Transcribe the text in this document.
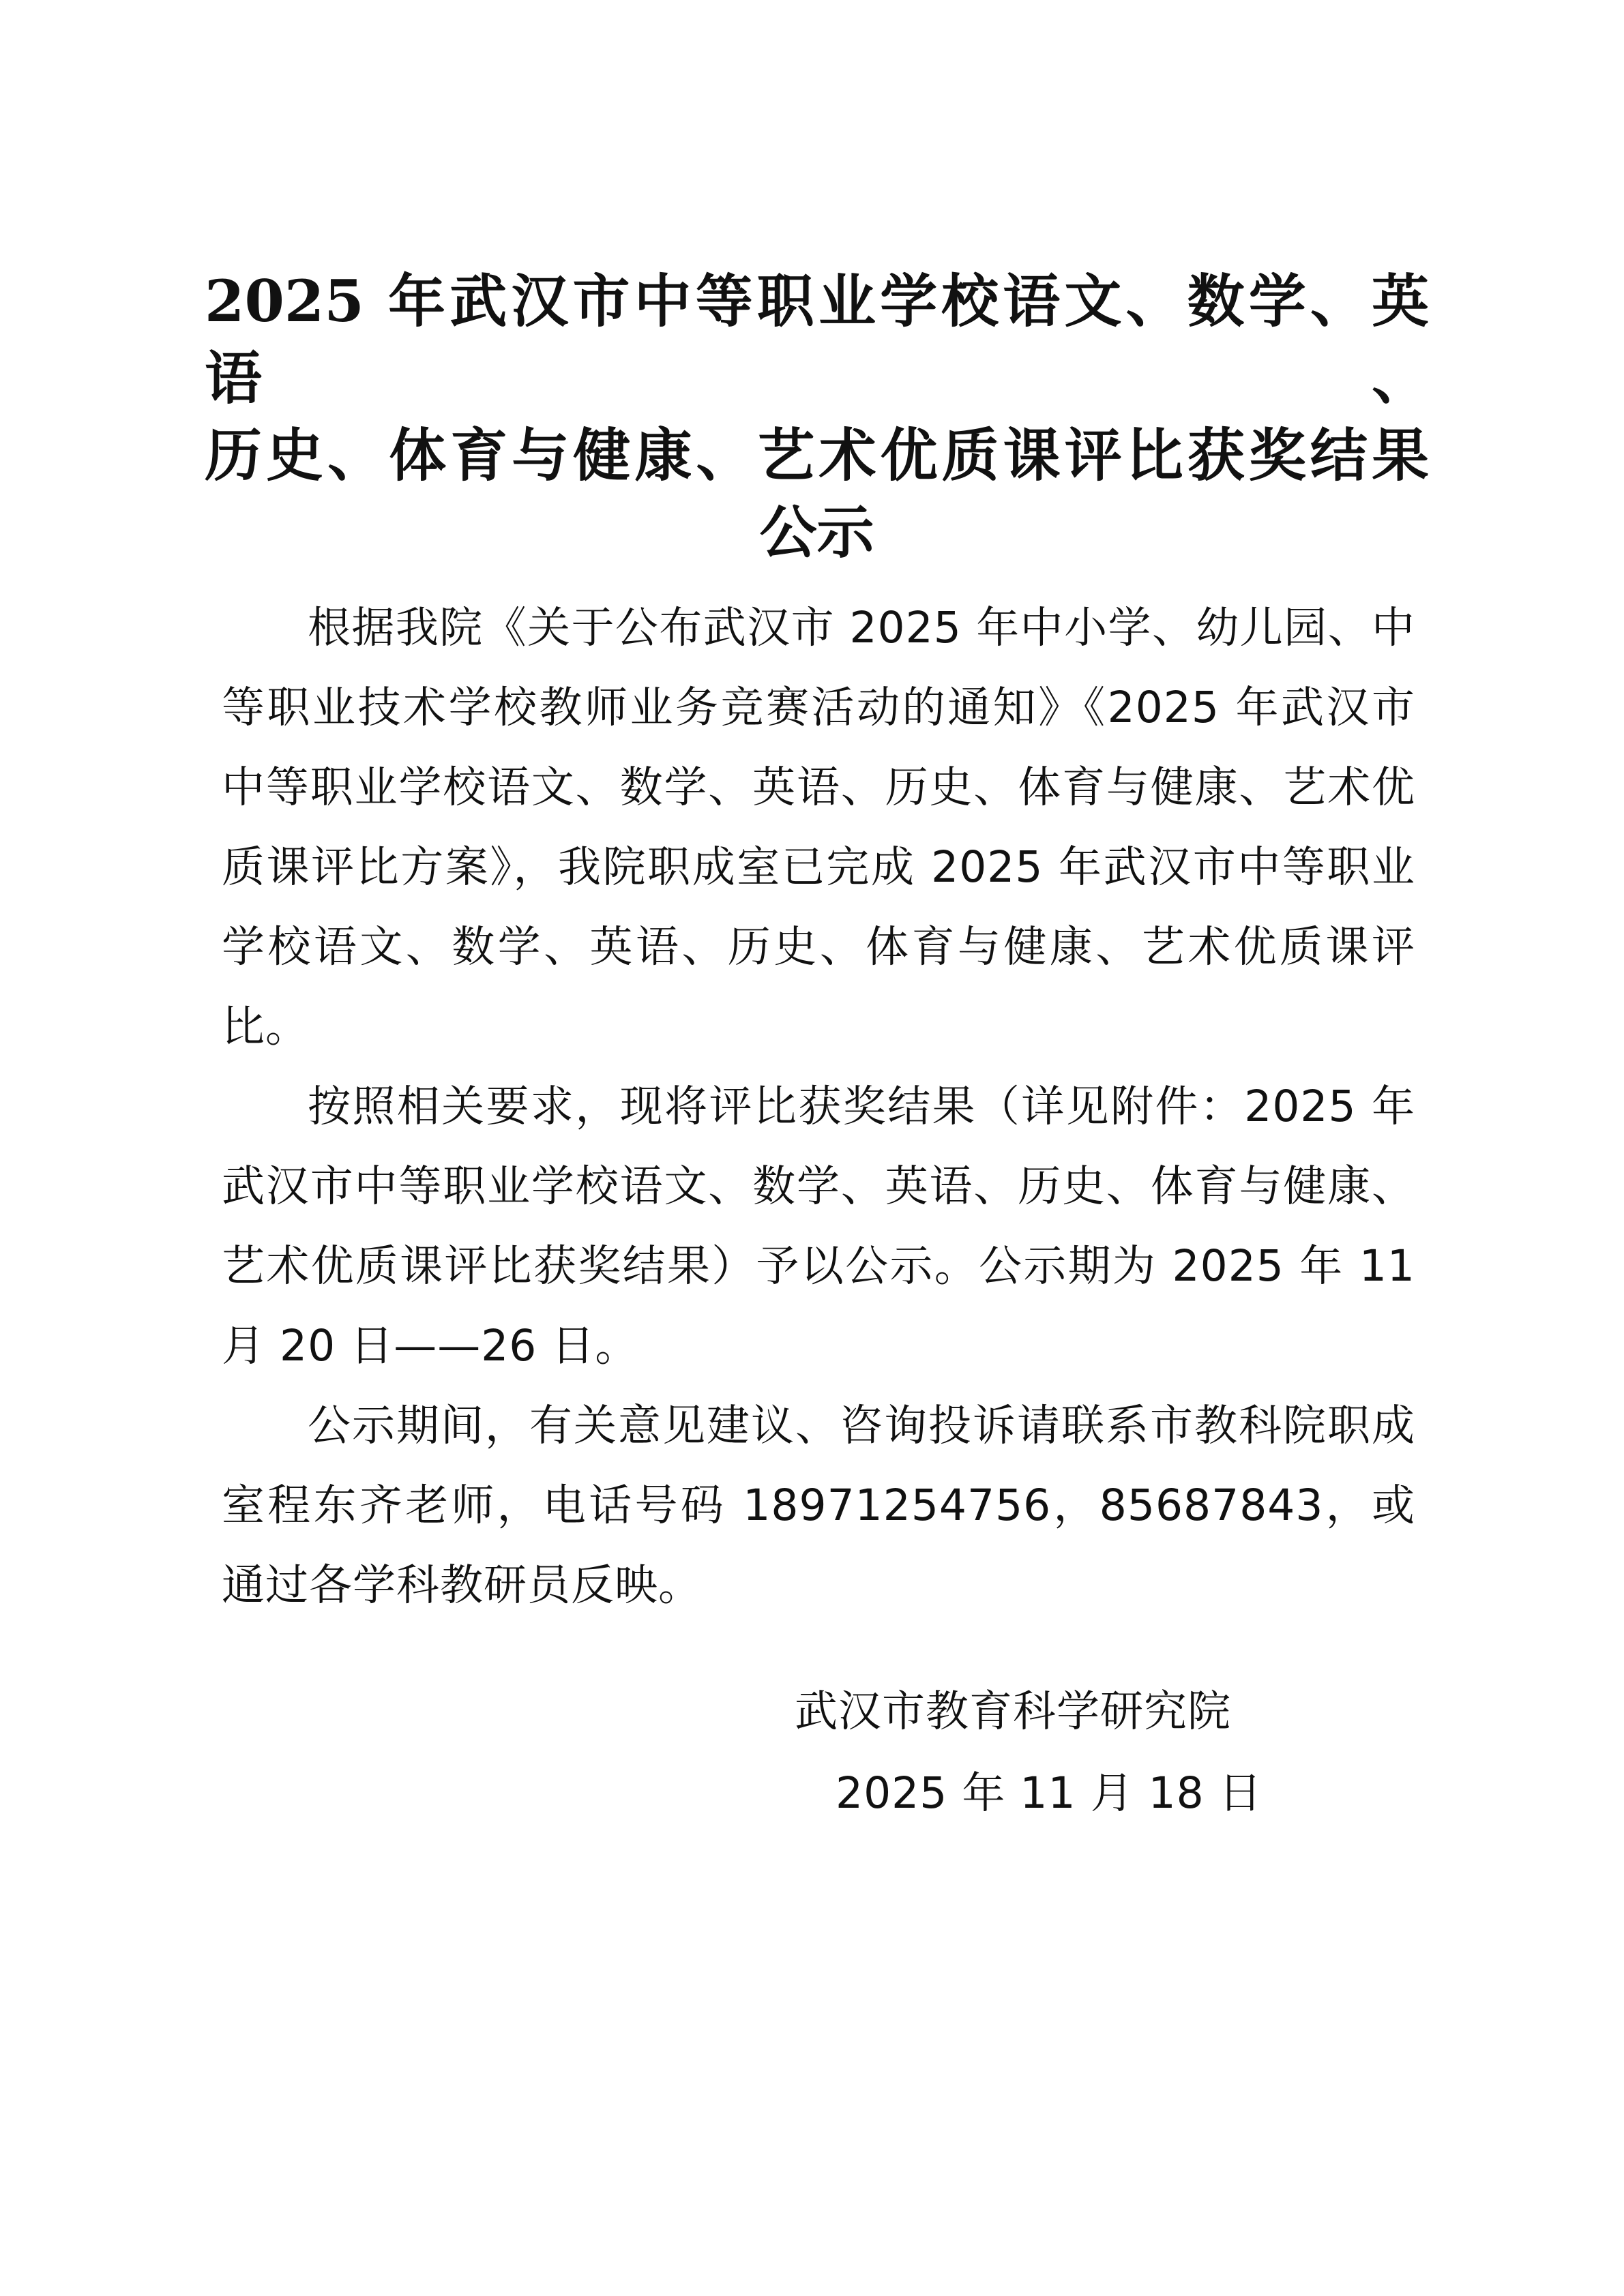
2025 年武汉市中等职业学校语文、数学、英语、
历史、体育与健康、艺术优质课评比获奖结果
公示

根据我院《关于公布武汉市 2025 年中小学、幼儿园、中等职业技术学校教师业务竞赛活动的通知》《2025 年武汉市中等职业学校语文、数学、英语、历史、体育与健康、艺术优质课评比方案》，我院职成室已完成 2025 年武汉市中等职业学校语文、数学、英语、历史、体育与健康、艺术优质课评比。

按照相关要求，现将评比获奖结果（详见附件：2025 年武汉市中等职业学校语文、数学、英语、历史、体育与健康、艺术优质课评比获奖结果）予以公示。公示期为 2025 年 11 月 20 日——26 日。

公示期间，有关意见建议、咨询投诉请联系市教科院职成室程东齐老师，电话号码 18971254756，85687843，或通过各学科教研员反映。

武汉市教育科学研究院
2025 年 11 月 18 日
